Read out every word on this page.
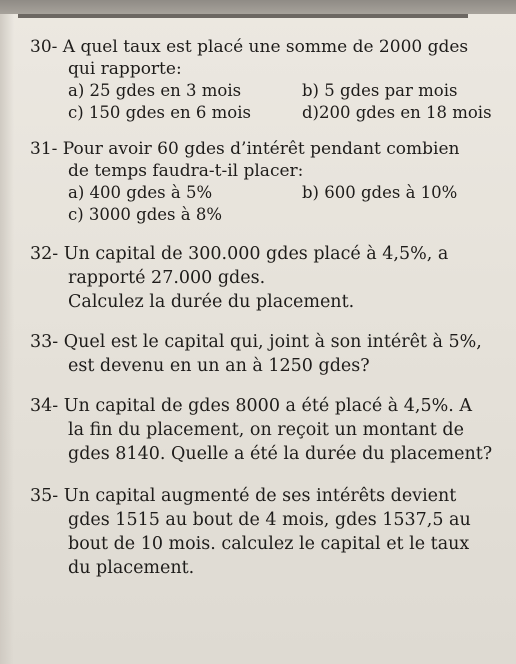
30- A quel taux est placé une somme de 2000 gdes

qui rapporte:

a) 25 gdes en 3 mois	b) 5 gdes par mois
c) 150 gdes en 6 mois	d)200 gdes en 18 mois

31- Pour avoir 60 gdes d’intérêt pendant combien

de temps faudra-t-il placer:

a) 400 gdes à 5%	b) 600 gdes à 10%
c) 3000 gdes à 8%

32- Un capital de 300.000 gdes placé à 4,5%, a

rapporté 27.000 gdes.

Calculez la durée du placement.

33- Quel est le capital qui, joint à son intérêt à 5%,

est devenu en un an à 1250 gdes?

34- Un capital de gdes 8000 a été placé à 4,5%. A

la fin du placement, on reçoit un montant de

gdes 8140. Quelle a été la durée du placement?

35- Un capital augmenté de ses intérêts devient

gdes 1515 au bout de 4 mois, gdes 1537,5 au

bout de 10 mois. calculez le capital et le taux

du placement.
